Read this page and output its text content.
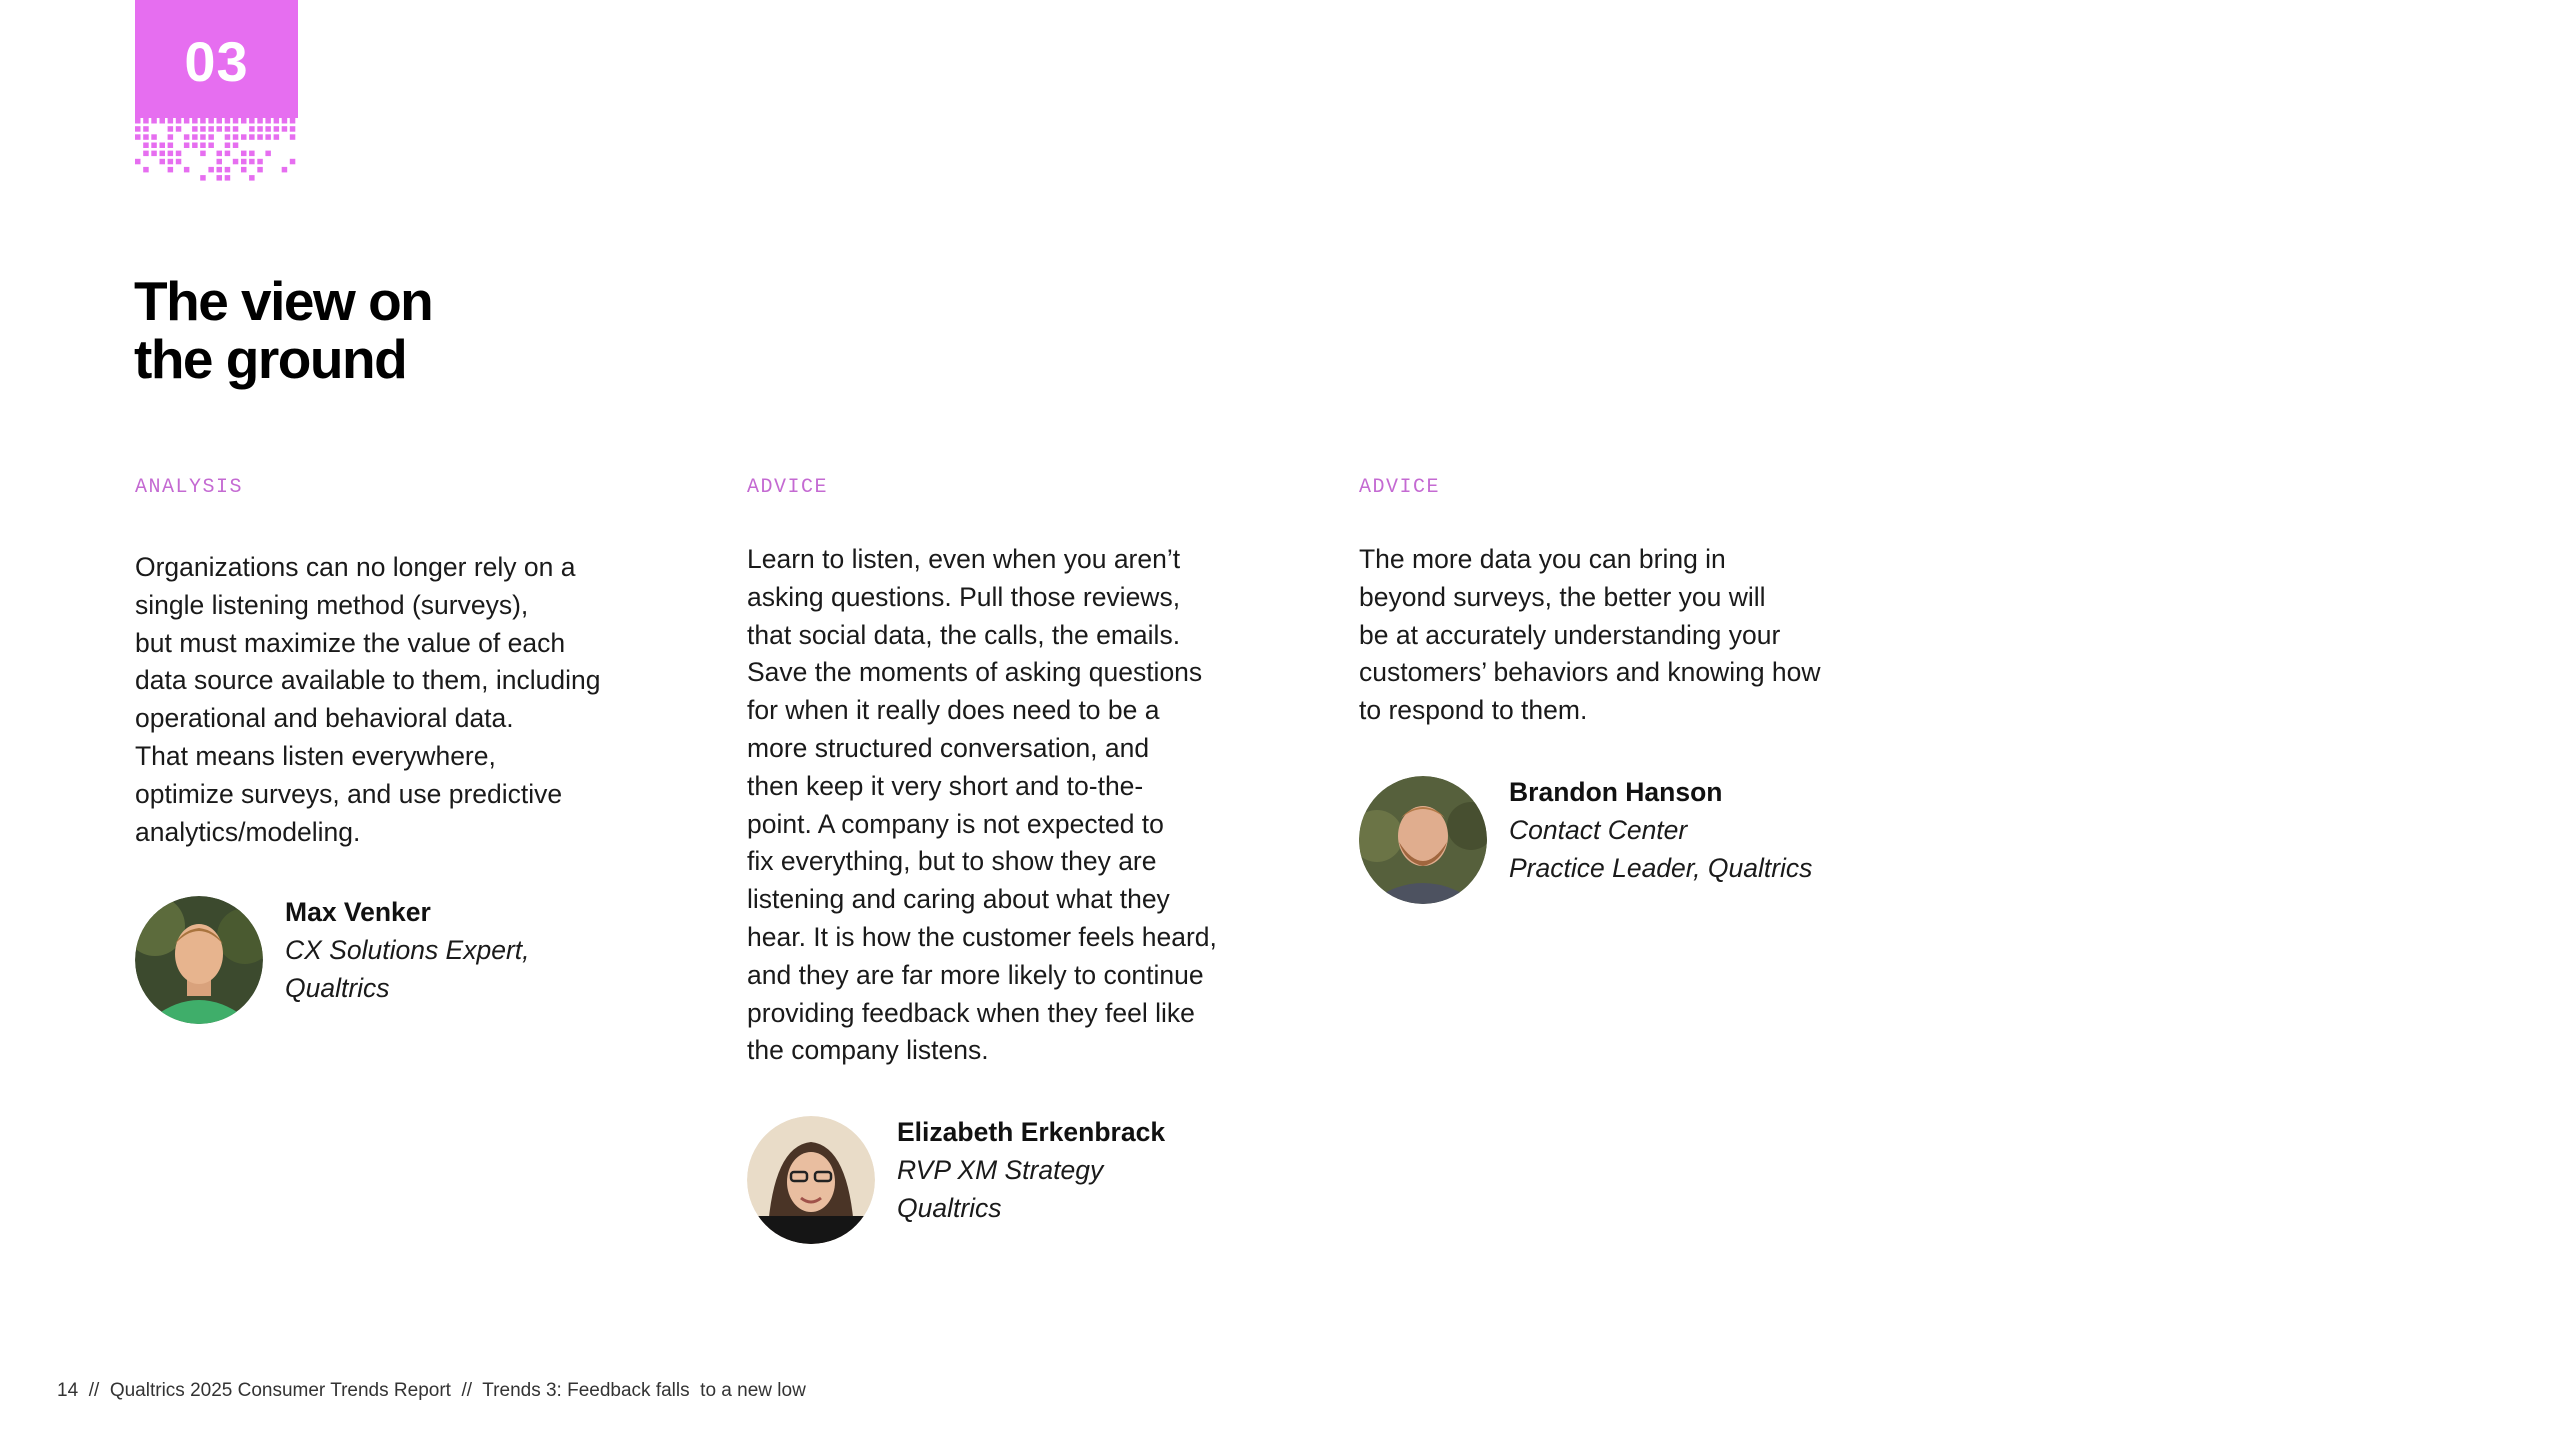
03
The view on
the ground

ANALYSIS

Organizations can no longer rely on a
single listening method (surveys),
but must maximize the value of each
data source available to them, including
operational and behavioral data.
That means listen everywhere,
optimize surveys, and use predictive
analytics/modeling.

Max Venker
CX Solutions Expert,
Qualtrics

ADVICE

Learn to listen, even when you aren’t
asking questions. Pull those reviews,
that social data, the calls, the emails.
Save the moments of asking questions
for when it really does need to be a
more structured conversation, and
then keep it very short and to-the-
point. A company is not expected to
fix everything, but to show they are
listening and caring about what they
hear. It is how the customer feels heard,
and they are far more likely to continue
providing feedback when they feel like
the company listens.

Elizabeth Erkenbrack
RVP XM Strategy
Qualtrics

ADVICE

The more data you can bring in
beyond surveys, the better you will
be at accurately understanding your
customers’ behaviors and knowing how
to respond to them.

Brandon Hanson
Contact Center
Practice Leader, Qualtrics
14 // Qualtrics 2025 Consumer Trends Report // Trends 3: Feedback falls  to a new low
